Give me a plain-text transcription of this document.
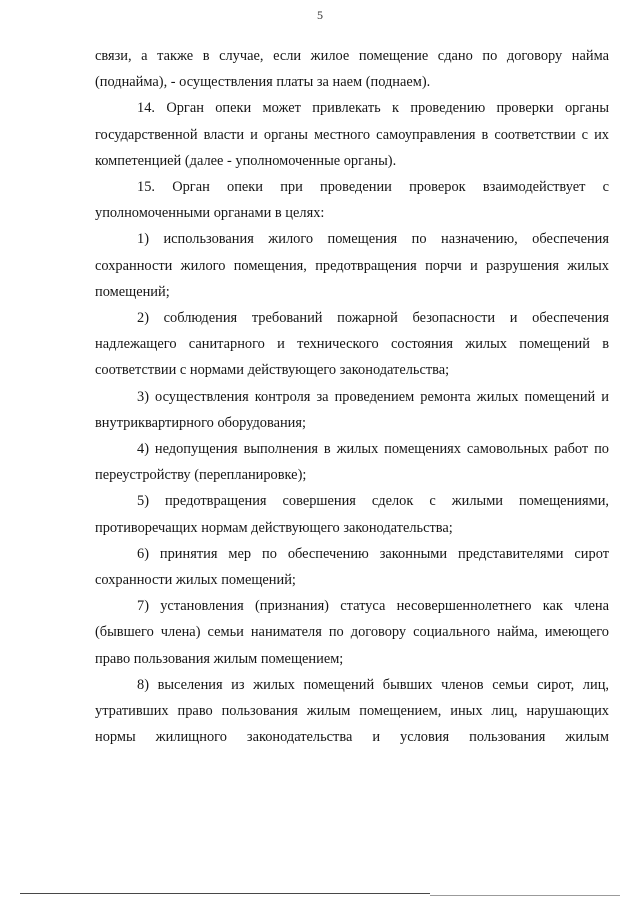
5

связи, а также в случае, если жилое помещение сдано по договору найма (поднайма), - осуществления платы за наем (поднаем).

14. Орган опеки может привлекать к проведению проверки органы государственной власти и органы местного самоуправления в соответствии с их компетенцией (далее - уполномоченные органы).

15. Орган опеки при проведении проверок взаимодействует с уполномоченными органами в целях:

1) использования жилого помещения по назначению, обеспечения сохранности жилого помещения, предотвращения порчи и разрушения жилых помещений;

2) соблюдения требований пожарной безопасности и обеспечения надлежащего санитарного и технического состояния жилых помещений в соответствии с нормами действующего законодательства;

3) осуществления контроля за проведением ремонта жилых помещений и внутриквартирного оборудования;

4) недопущения выполнения в жилых помещениях самовольных работ по переустройству (перепланировке);

5) предотвращения совершения сделок с жилыми помещениями, противоречащих нормам действующего законодательства;

6) принятия мер по обеспечению законными представителями сирот сохранности жилых помещений;

7) установления (признания) статуса несовершеннолетнего как члена (бывшего члена) семьи нанимателя по договору социального найма, имеющего право пользования жилым помещением;

8) выселения из жилых помещений бывших членов семьи сирот, лиц, утративших право пользования жилым помещением, иных лиц, нарушающих нормы жилищного законодательства и условия пользования жилым
